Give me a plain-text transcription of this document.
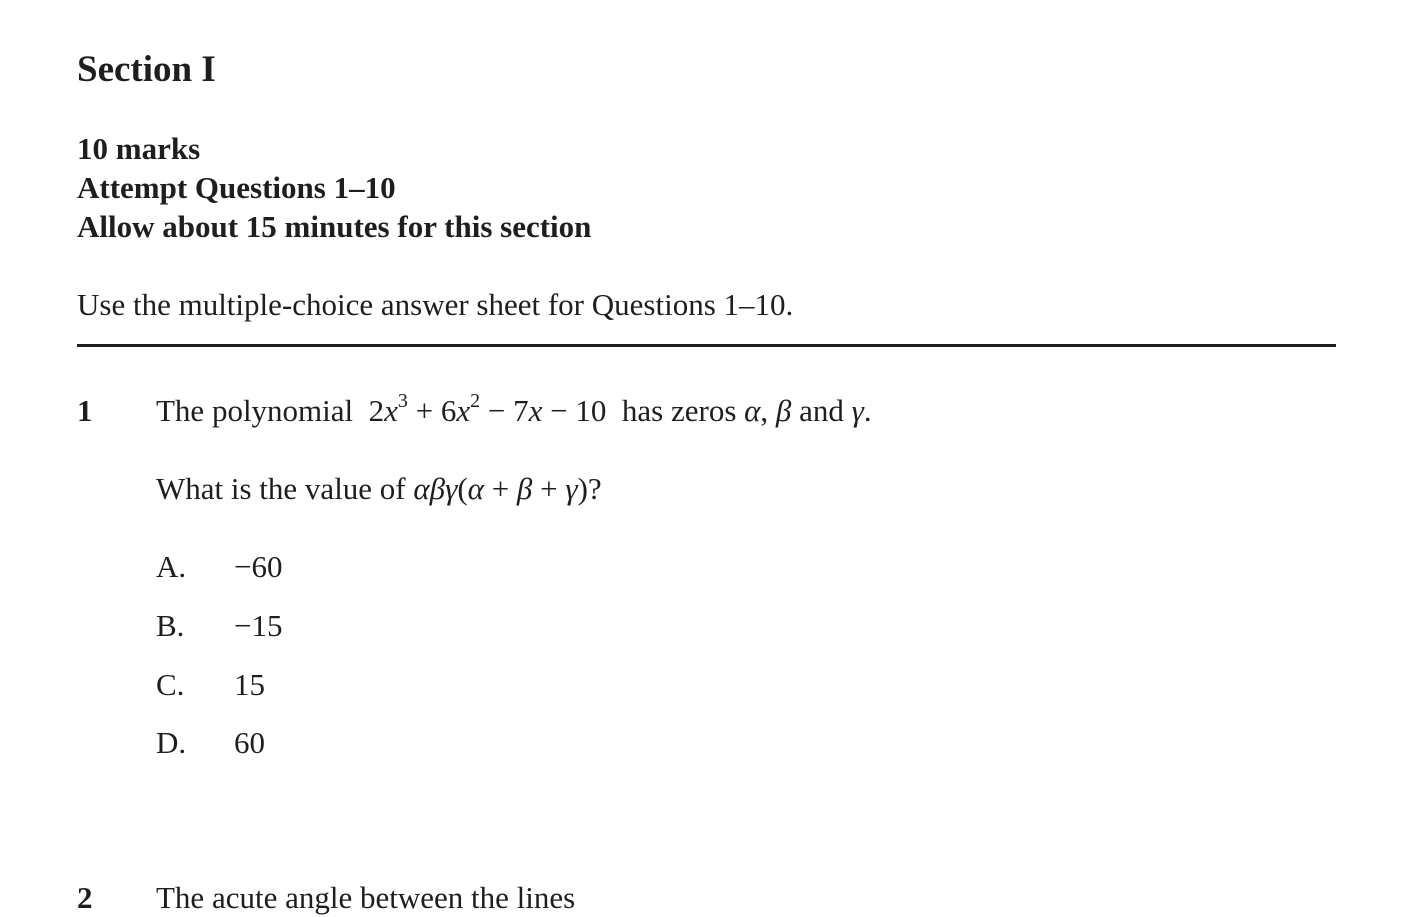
Section I
10 marks
Attempt Questions 1–10
Allow about 15 minutes for this section
Use the multiple-choice answer sheet for Questions 1–10.
1 The polynomial  $2x^3 + 6x^2 - 7x - 10$  has zeros α, β and γ.
What is the value of αβγ(α + β + γ)?
A. −60
B. −15
C. 15
D. 60
2 The acute angle between the lines
